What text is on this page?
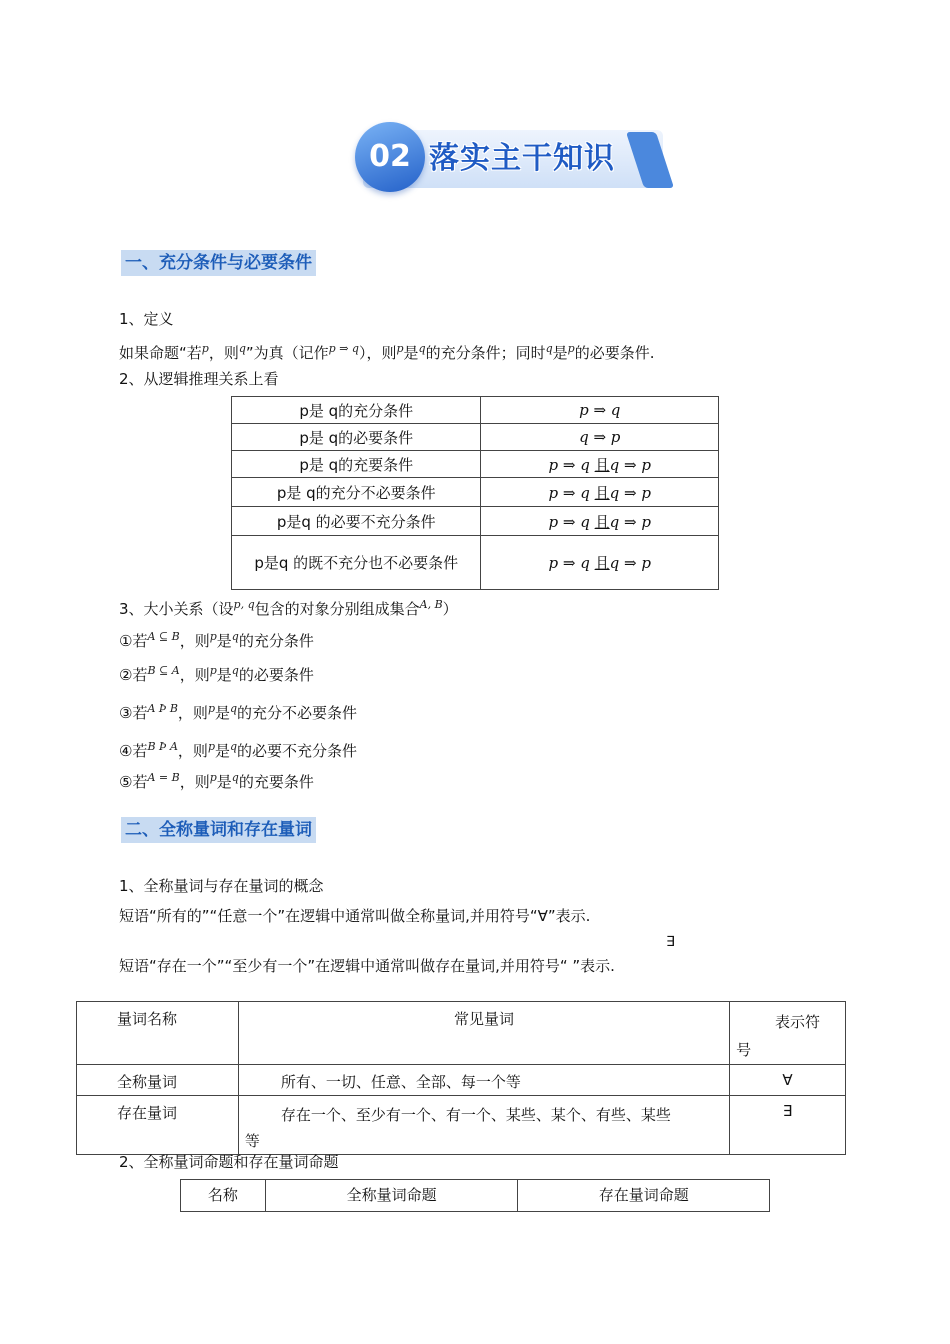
02 落实主干知识
一、充分条件与必要条件
1、定义
如果命题“若$^p$，则$^q$”为真（记作$^{p \Rightarrow q}$），则$^p$是$^q$的充分条件；同时$^q$是$^p$的必要条件.
2、从逻辑推理关系上看
p是 q的充分条件	p ⇒ q
p是 q的必要条件	q ⇒ p
p是 q的充要条件	p ⇒ q 且q ⇒ p
p是 q的充分不必要条件	p ⇒ q 且q ⇒ p
p是q 的必要不充分条件	p ⇒ q 且q ⇒ p
p是q 的既不充分也不必要条件	p ⇒ q 且q ⇒ p
3、大小关系（设$^{p, q}$包含的对象分别组成集合$^{A, B}$）
①若$^{A ⊆ B}$，则$^p$是$^q$的充分条件
②若$^{B ⊆ A}$，则$^p$是$^q$的必要条件
③若$^{A Þ B}$，则$^p$是$^q$的充分不必要条件
④若$^{B Þ A}$，则$^p$是$^q$的必要不充分条件
⑤若$^{A = B}$，则$^p$是$^q$的充要条件
二、全称量词和存在量词
1、全称量词与存在量词的概念
短语“所有的”“任意一个”在逻辑中通常叫做全称量词,并用符号“∀”表示.
∃
短语“存在一个”“至少有一个”在逻辑中通常叫做存在量词,并用符号“ ”表示.
量词名称	常见量词	表示符
号

全称量词	所有、一切、任意、全部、每一个等	∀
存在量词	存在一个、至少有一个、有一个、某些、某个、有些、某些
等	∃
2、全称量词命题和存在量词命题
名称	全称量词命题	存在量词命题
